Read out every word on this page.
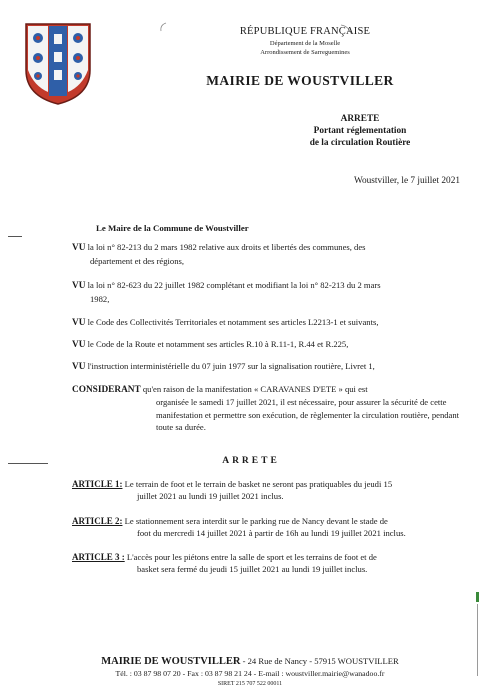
RÉPUBLIQUE FRANÇAISE
Département de la Moselle
Arrondissement de Sarreguemines
MAIRIE DE WOUSTVILLER
ARRETE
Portant réglementation
de la circulation Routière
Woustviller, le 7 juillet 2021
Le Maire de la Commune de Woustviller
VU la loi n° 82-213 du 2 mars 1982 relative aux droits et libertés des communes, des
département et des régions,
VU la loi n° 82-623 du 22 juillet 1982 complétant et modifiant la loi n° 82-213 du 2 mars
1982,
VU le Code des Collectivités Territoriales et notamment ses articles L2213-1 et suivants,
VU le Code de la Route et notamment ses articles R.10 à R.11-1, R.44 et R.225,
VU l'instruction interministérielle du 07 juin 1977 sur la signalisation routière, Livret 1,
CONSIDERANT qu'en raison de la manifestation « CARAVANES D'ETE » qui est
organisée le samedi 17 juillet 2021, il est nécessaire, pour assurer la sécurité de cette
manifestation et permettre son exécution, de règlementer la circulation routière, pendant
toute sa durée.
ARRETE
ARTICLE 1: Le terrain de foot et le terrain de basket ne seront pas pratiquables du jeudi 15
juillet 2021 au lundi 19 juillet 2021 inclus.
ARTICLE 2: Le stationnement sera interdit sur le parking rue de Nancy devant le stade de
foot du mercredi 14 juillet 2021 à partir de 16h au lundi 19 juillet 2021 inclus.
ARTICLE 3 : L'accès pour les piétons entre la salle de sport et les terrains de foot et de
basket sera fermé du jeudi 15 juillet 2021 au lundi 19 juillet inclus.
MAIRIE DE WOUSTVILLER - 24 Rue de Nancy - 57915 WOUSTVILLER
Tél. : 03 87 98 07 20 - Fax : 03 87 98 21 24 - E-mail : woustviller.mairie@wanadoo.fr
SIRET 215 707 522 00011
